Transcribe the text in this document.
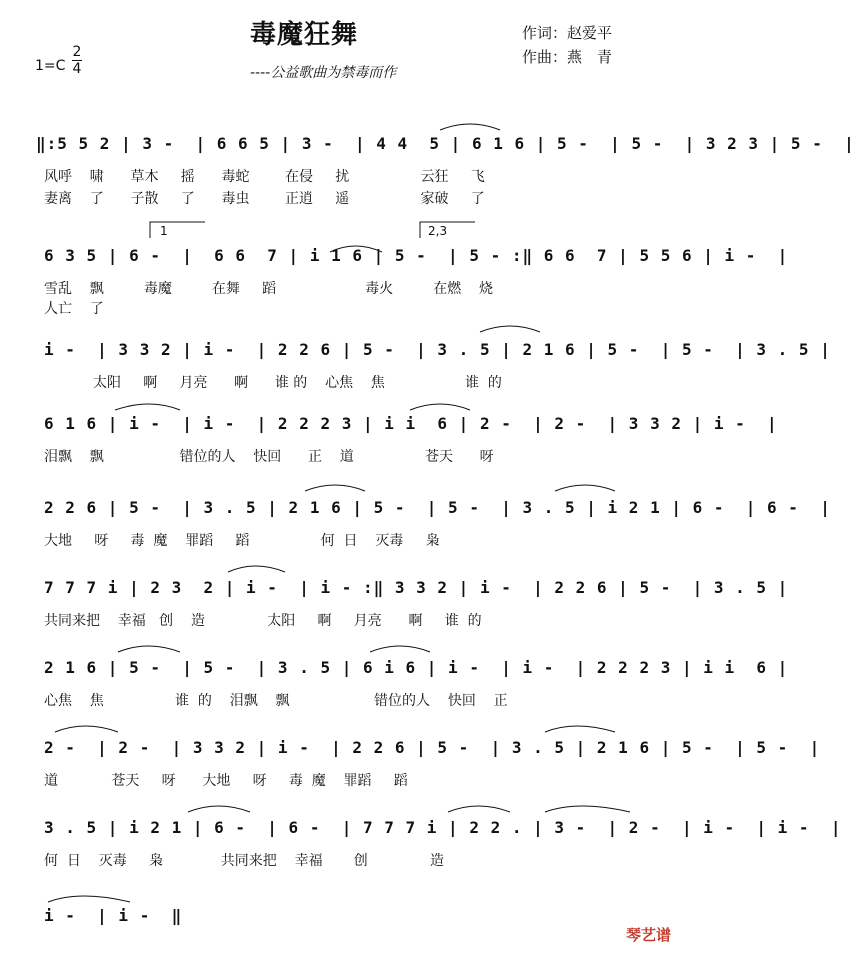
毒魔狂舞
----公益歌曲为禁毒而作
作词：赵爱平
作曲：燕　青
1=C
2
4
1	2,3
‖:5 5 2 | 3 -  | 6 6 5 | 3 -  | 4 4  5 | 6 1 6 | 5 -  | 5 -  | 3 2 3 | 5 -  |
风呼    啸      草木     摇      毒蛇        在侵     扰                云狂     飞
妻离    了      子散     了      毒虫        正逍     遥                家破     了
6 3 5 | 6 -  |  6 6  7 | i 1 6 | 5 -  | 5 - :‖ 6 6  7 | 5 5 6 | i -  |
雪乱    飘         毒魔         在舞     蹈                    毒火         在燃    烧
人亡    了
i -  | 3 3 2 | i -  | 2 2 6 | 5 -  | 3 . 5 | 2 1 6 | 5 -  | 5 -  | 3 . 5 |
太阳     啊     月亮      啊      谁 的    心焦    焦                  谁  的
6 1 6 | i -  | i -  | 2 2 2 3 | i i  6 | 2 -  | 2 -  | 3 3 2 | i -  |
泪飘    飘                 错位的人    快回      正    道                苍天      呀
2 2 6 | 5 -  | 3 . 5 | 2 1 6 | 5 -  | 5 -  | 3 . 5 | i 2 1 | 6 -  | 6 -  |
大地     呀     毒  魔    罪蹈     蹈                何  日    灭毒     枭
7 7 7 i | 2 3  2 | i -  | i - :‖ 3 3 2 | i -  | 2 2 6 | 5 -  | 3 . 5 |
共同来把    幸福   创    造              太阳     啊     月亮      啊     谁  的
2 1 6 | 5 -  | 5 -  | 3 . 5 | 6 i 6 | i -  | i -  | 2 2 2 3 | i i  6 |
心焦    焦                谁  的    泪飘    飘                   错位的人    快回    正
2 -  | 2 -  | 3 3 2 | i -  | 2 2 6 | 5 -  | 3 . 5 | 2 1 6 | 5 -  | 5 -  |
道            苍天     呀      大地     呀     毒  魔    罪蹈     蹈
3 . 5 | i 2 1 | 6 -  | 6 -  | 7 7 7 i | 2 2 . | 3 -  | 2 -  | i -  | i -  |
何  日    灭毒     枭             共同来把    幸福       创              造
i -  | i -  ‖
琴艺谱
